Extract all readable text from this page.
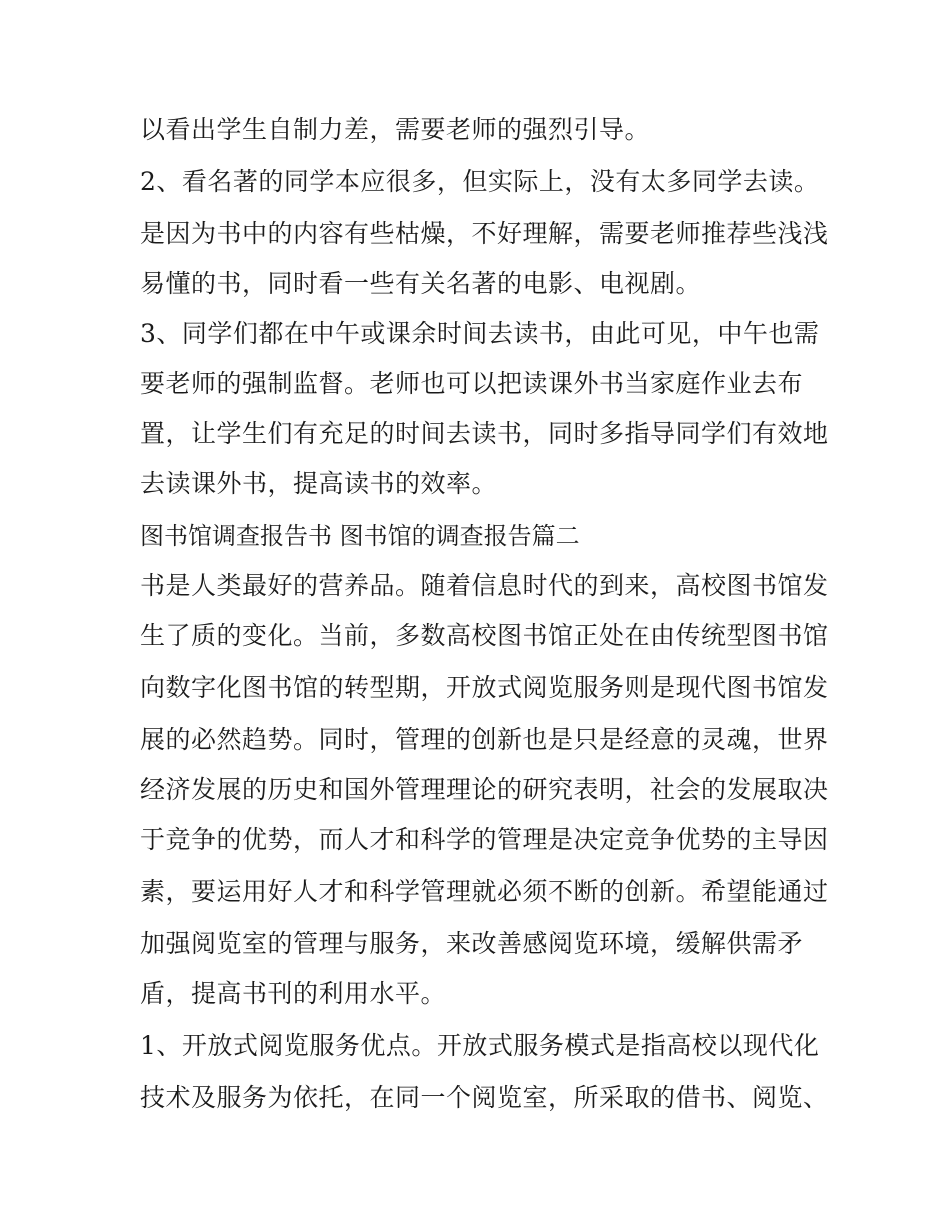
以看出学生自制力差，需要老师的强烈引导。
2、看名著的同学本应很多，但实际上，没有太多同学去读。
是因为书中的内容有些枯燥，不好理解，需要老师推荐些浅浅
易懂的书，同时看一些有关名著的电影、电视剧。
3、同学们都在中午或课余时间去读书，由此可见，中午也需
要老师的强制监督。老师也可以把读课外书当家庭作业去布
置，让学生们有充足的时间去读书，同时多指导同学们有效地
去读课外书，提高读书的效率。
图书馆调查报告书 图书馆的调查报告篇二
书是人类最好的营养品。随着信息时代的到来，高校图书馆发
生了质的变化。当前，多数高校图书馆正处在由传统型图书馆
向数字化图书馆的转型期，开放式阅览服务则是现代图书馆发
展的必然趋势。同时，管理的创新也是只是经意的灵魂，世界
经济发展的历史和国外管理理论的研究表明，社会的发展取决
于竞争的优势，而人才和科学的管理是决定竞争优势的主导因
素，要运用好人才和科学管理就必须不断的创新。希望能通过
加强阅览室的管理与服务，来改善感阅览环境，缓解供需矛
盾，提高书刊的利用水平。
1、开放式阅览服务优点。开放式服务模式是指高校以现代化
技术及服务为依托，在同一个阅览室，所采取的借书、阅览、
